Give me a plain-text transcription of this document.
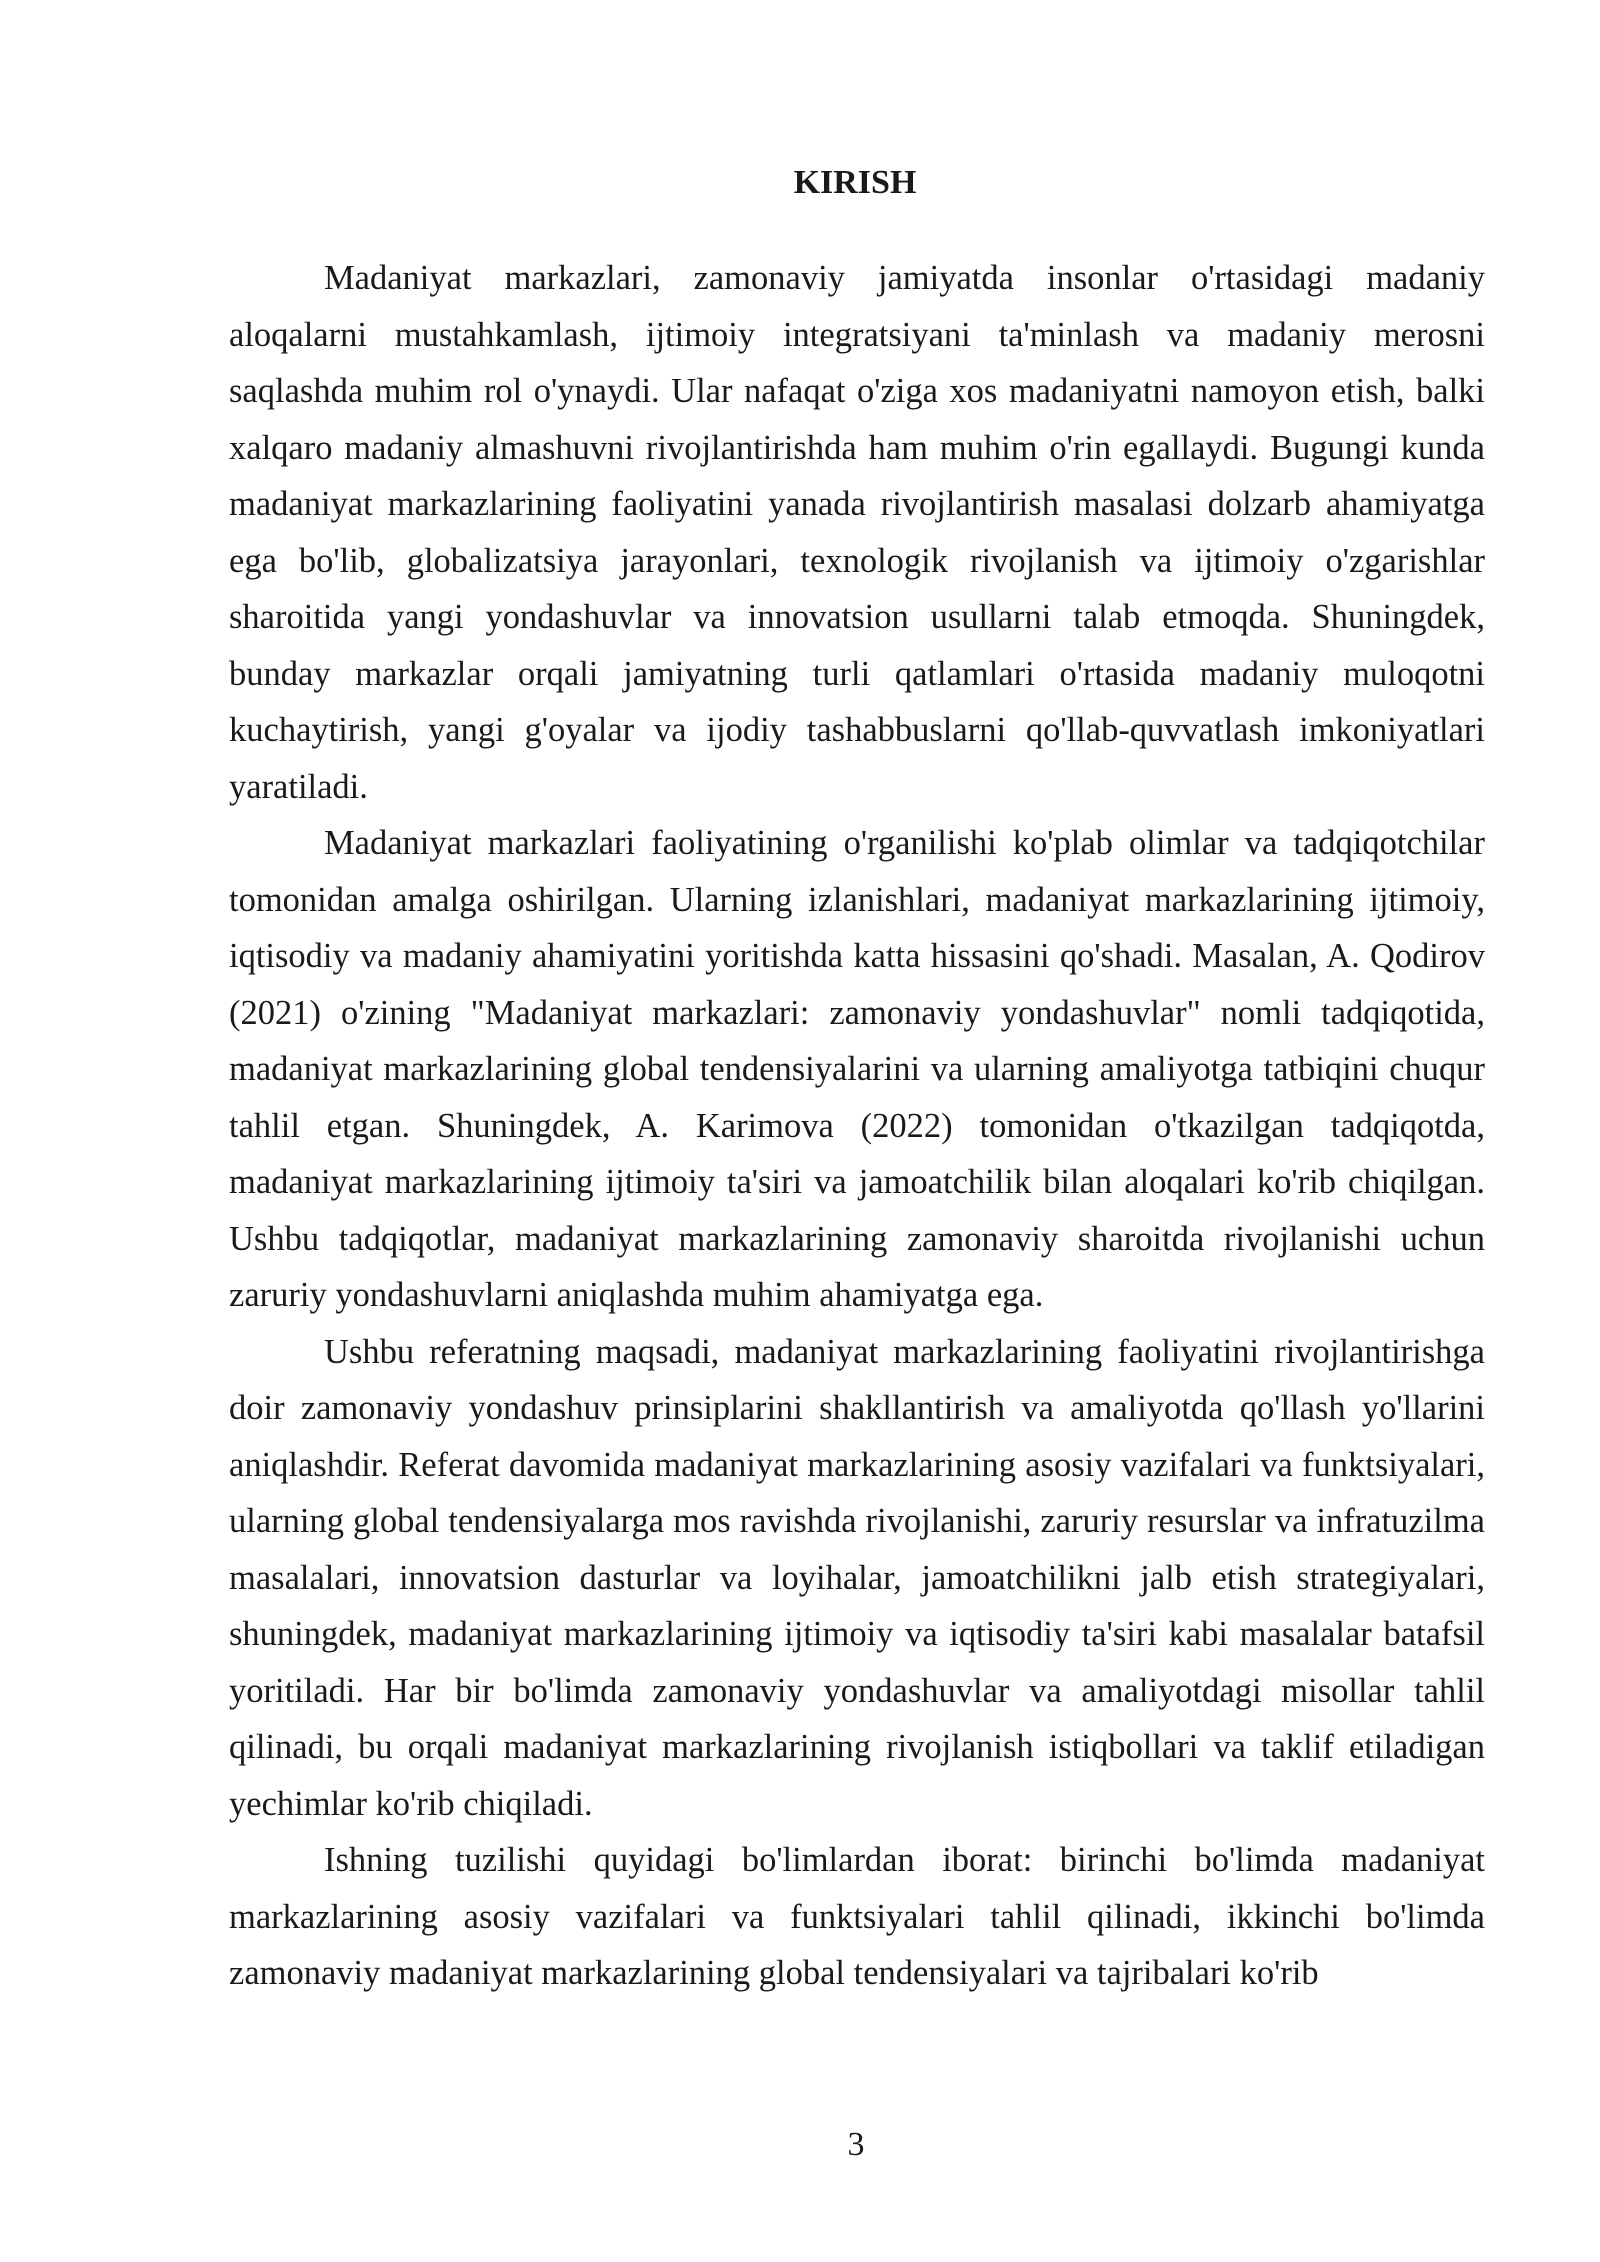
KIRISH

Madaniyat markazlari, zamonaviy jamiyatda insonlar o'rtasidagi madaniy aloqalarni mustahkamlash, ijtimoiy integratsiyani ta'minlash va madaniy merosni saqlashda muhim rol o'ynaydi. Ular nafaqat o'ziga xos madaniyatni namoyon etish, balki xalqaro madaniy almashuvni rivojlantirishda ham muhim o'rin egallaydi. Bugungi kunda madaniyat markazlarining faoliyatini yanada rivojlantirish masalasi dolzarb ahamiyatga ega bo'lib, globalizatsiya jarayonlari, texnologik rivojlanish va ijtimoiy o'zgarishlar sharoitida yangi yondashuvlar va innovatsion usullarni talab etmoqda. Shuningdek, bunday markazlar orqali jamiyatning turli qatlamlari o'rtasida madaniy muloqotni kuchaytirish, yangi g'oyalar va ijodiy tashabbuslarni qo'llab-quvvatlash imkoniyatlari yaratiladi.

Madaniyat markazlari faoliyatining o'rganilishi ko'plab olimlar va tadqiqotchilar tomonidan amalga oshirilgan. Ularning izlanishlari, madaniyat markazlarining ijtimoiy, iqtisodiy va madaniy ahamiyatini yoritishda katta hissasini qo'shadi. Masalan, A. Qodirov (2021) o'zining "Madaniyat markazlari: zamonaviy yondashuvlar" nomli tadqiqotida, madaniyat markazlarining global tendensiyalarini va ularning amaliyotga tatbiqini chuqur tahlil etgan. Shuningdek, A. Karimova (2022) tomonidan o'tkazilgan tadqiqotda, madaniyat markazlarining ijtimoiy ta'siri va jamoatchilik bilan aloqalari ko'rib chiqilgan. Ushbu tadqiqotlar, madaniyat markazlarining zamonaviy sharoitda rivojlanishi uchun zaruriy yondashuvlarni aniqlashda muhim ahamiyatga ega.

Ushbu referatning maqsadi, madaniyat markazlarining faoliyatini rivojlantirishga doir zamonaviy yondashuv prinsiplarini shakllantirish va amaliyotda qo'llash yo'llarini aniqlashdir. Referat davomida madaniyat markazlarining asosiy vazifalari va funktsiyalari, ularning global tendensiyalarga mos ravishda rivojlanishi, zaruriy resurslar va infratuzilma masalalari, innovatsion dasturlar va loyihalar, jamoatchilikni jalb etish strategiyalari, shuningdek, madaniyat markazlarining ijtimoiy va iqtisodiy ta'siri kabi masalalar batafsil yoritiladi. Har bir bo'limda zamonaviy yondashuvlar va amaliyotdagi misollar tahlil qilinadi, bu orqali madaniyat markazlarining rivojlanish istiqbollari va taklif etiladigan yechimlar ko'rib chiqiladi.

Ishning tuzilishi quyidagi bo'limlardan iborat: birinchi bo'limda madaniyat markazlarining asosiy vazifalari va funktsiyalari tahlil qilinadi, ikkinchi bo'limda zamonaviy madaniyat markazlarining global tendensiyalari va tajribalari ko'rib

3
